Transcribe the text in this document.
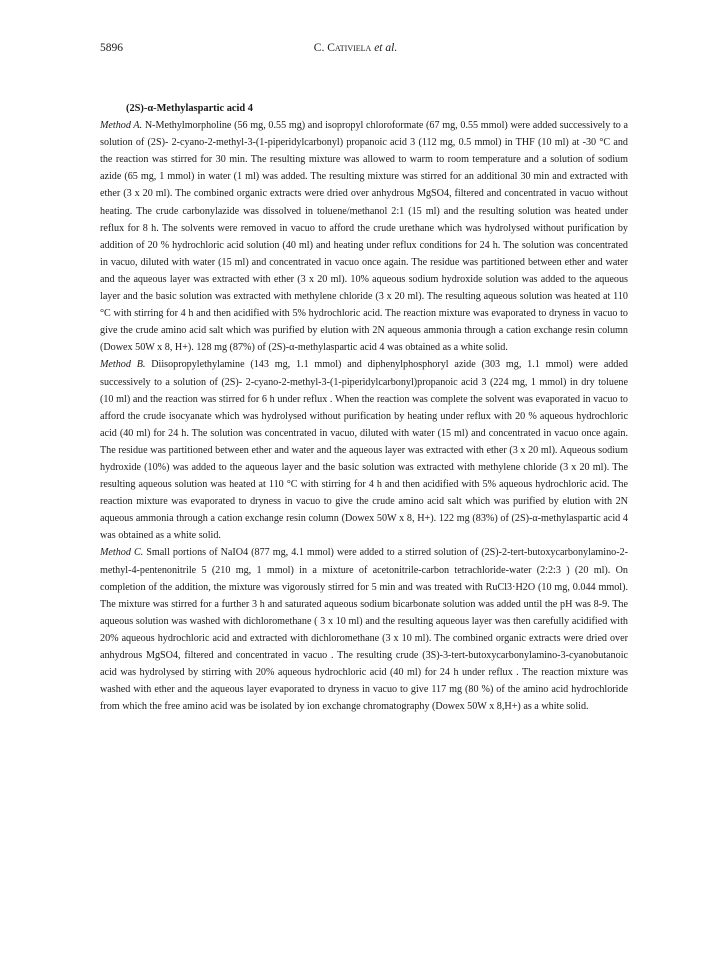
5896	C. Cativiela et al.

(2S)-α-Methylaspartic acid 4

Method A. N-Methylmorpholine (56 mg, 0.55 mg) and isopropyl chloroformate (67 mg, 0.55 mmol) were added successively to a solution of (2S)- 2-cyano-2-methyl-3-(1-piperidylcarbonyl) propanoic acid 3 (112 mg, 0.5 mmol) in THF (10 ml) at -30 °C and the reaction was stirred for 30 min. The resulting mixture was allowed to warm to room temperature and a solution of sodium azide (65 mg, 1 mmol) in water (1 ml) was added. The resulting mixture was stirred for an additional 30 min and extracted with ether (3 x 20 ml). The combined organic extracts were dried over anhydrous MgSO4, filtered and concentrated in vacuo without heating. The crude carbonylazide was dissolved in toluene/methanol 2:1 (15 ml) and the resulting solution was heated under reflux for 8 h. The solvents were removed in vacuo to afford the crude urethane which was hydrolysed without purification by addition of 20 % hydrochloric acid solution (40 ml) and heating under reflux conditions for 24 h. The solution was concentrated in vacuo, diluted with water (15 ml) and concentrated in vacuo once again. The residue was partitioned between ether and water and the aqueous layer was extracted with ether (3 x 20 ml). 10% aqueous sodium hydroxide solution was added to the aqueous layer and the basic solution was extracted with methylene chloride (3 x 20 ml). The resulting aqueous solution was heated at 110 °C with stirring for 4 h and then acidified with 5% hydrochloric acid. The reaction mixture was evaporated to dryness in vacuo to give the crude amino acid salt which was purified by elution with 2N aqueous ammonia through a cation exchange resin column (Dowex 50W x 8, H+). 128 mg (87%) of (2S)-α-methylaspartic acid 4 was obtained as a white solid.

Method B. Diisopropylethylamine (143 mg, 1.1 mmol) and diphenylphosphoryl azide (303 mg, 1.1 mmol) were added successively to a solution of (2S)- 2-cyano-2-methyl-3-(1-piperidylcarbonyl)propanoic acid 3 (224 mg, 1 mmol) in dry toluene (10 ml) and the reaction was stirred for 6 h under reflux . When the reaction was complete the solvent was evaporated in vacuo to afford the crude isocyanate which was hydrolysed without purification by heating under reflux with 20 % aqueous hydrochloric acid (40 ml) for 24 h. The solution was concentrated in vacuo, diluted with water (15 ml) and concentrated in vacuo once again. The residue was partitioned between ether and water and the aqueous layer was extracted with ether (3 x 20 ml). Aqueous sodium hydroxide (10%) was added to the aqueous layer and the basic solution was extracted with methylene chloride (3 x 20 ml). The resulting aqueous solution was heated at 110 °C with stirring for 4 h and then acidified with 5% aqueous hydrochloric acid. The reaction mixture was evaporated to dryness in vacuo to give the crude amino acid salt which was purified by elution with 2N aqueous ammonia through a cation exchange resin column (Dowex 50W x 8, H+). 122 mg (83%) of (2S)-α-methylaspartic acid 4 was obtained as a white solid.

Method C. Small portions of NaIO4 (877 mg, 4.1 mmol) were added to a stirred solution of (2S)-2-tert-butoxycarbonylamino-2-methyl-4-pentenonitrile 5 (210 mg, 1 mmol) in a mixture of acetonitrile-carbon tetrachloride-water (2:2:3 ) (20 ml). On completion of the addition, the mixture was vigorously stirred for 5 min and was treated with RuCl3·H2O (10 mg, 0.044 mmol). The mixture was stirred for a further 3 h and saturated aqueous sodium bicarbonate solution was added until the pH was 8-9. The aqueous solution was washed with dichloromethane ( 3 x 10 ml) and the resulting aqueous layer was then carefully acidified with 20% aqueous hydrochloric acid and extracted with dichloromethane (3 x 10 ml). The combined organic extracts were dried over anhydrous MgSO4, filtered and concentrated in vacuo . The resulting crude (3S)-3-tert-butoxycarbonylamino-3-cyanobutanoic acid was hydrolysed by stirring with 20% aqueous hydrochloric acid (40 ml) for 24 h under reflux . The reaction mixture was washed with ether and the aqueous layer evaporated to dryness in vacuo to give 117 mg (80 %) of the amino acid hydrochloride from which the free amino acid was be isolated by ion exchange chromatography (Dowex 50W x 8,H+) as a white solid.
